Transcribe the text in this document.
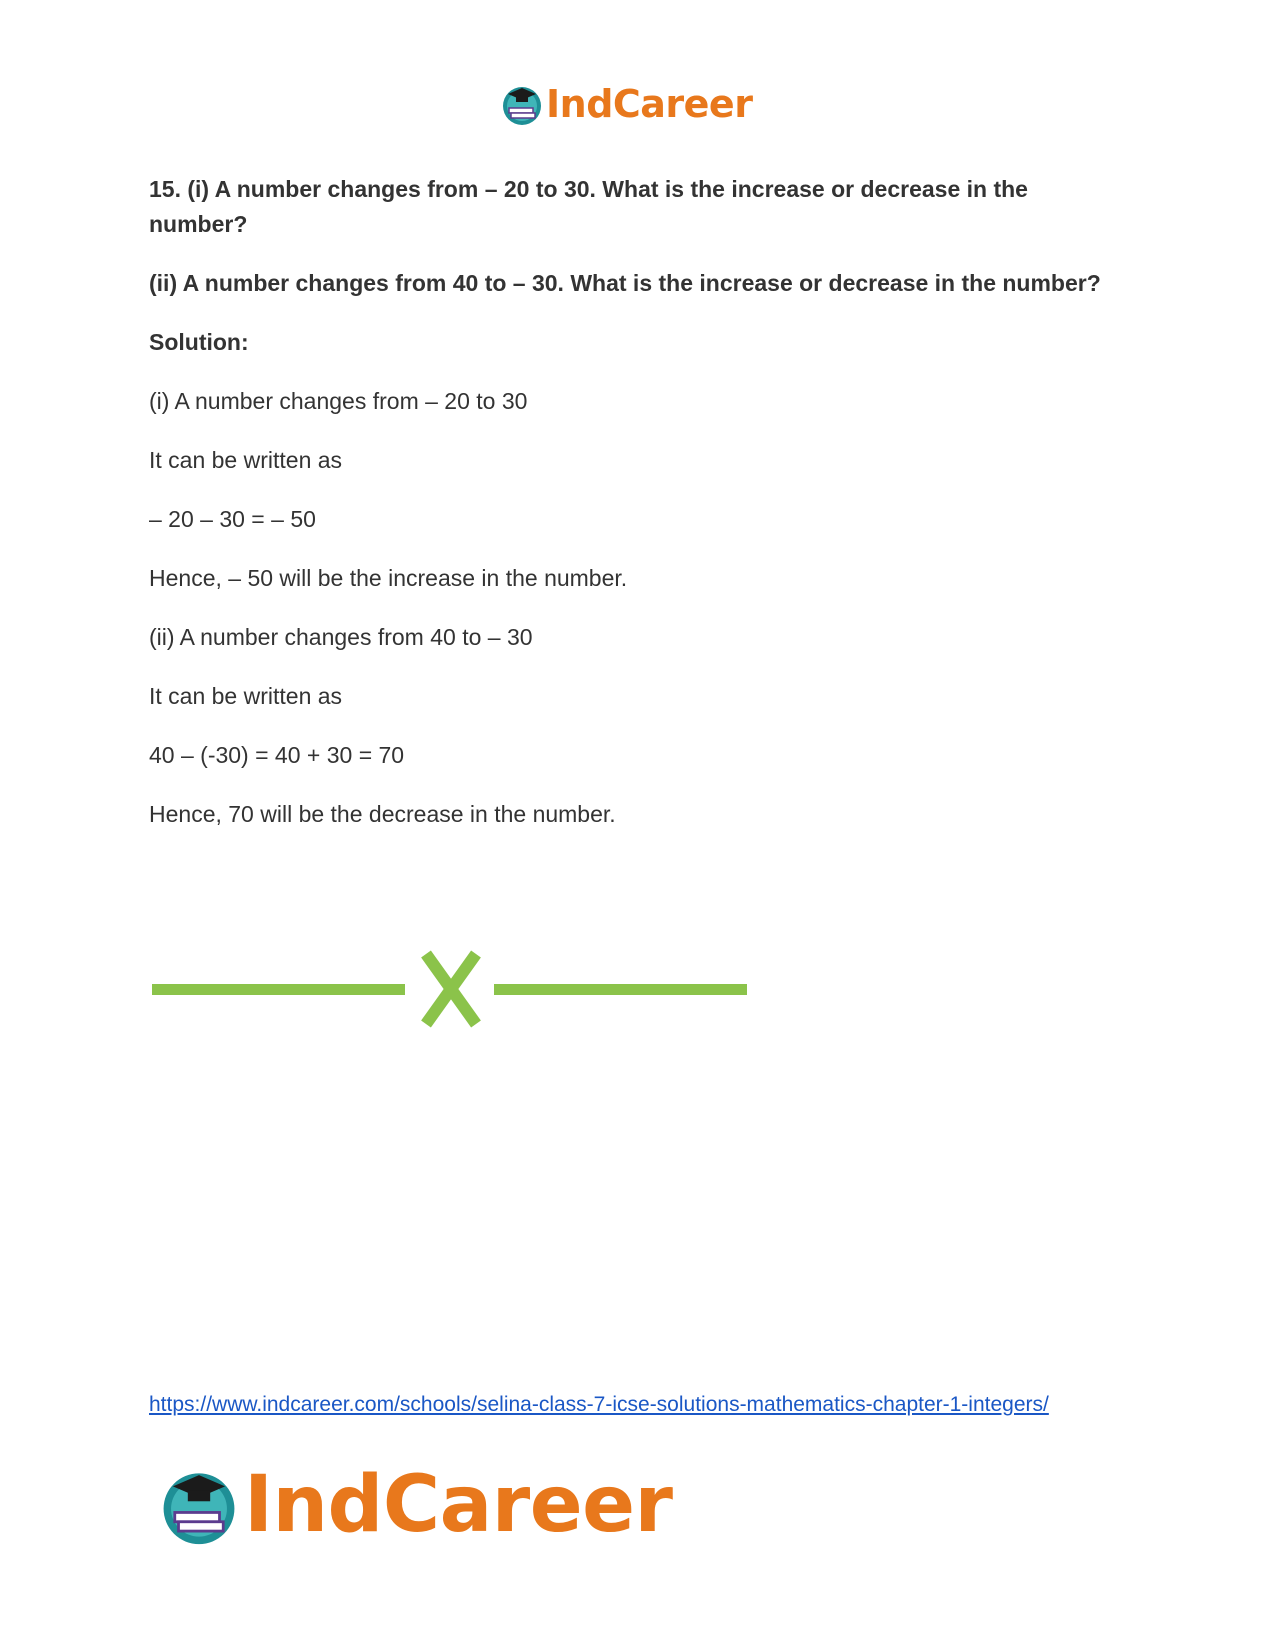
IndCareer

15. (i) A number changes from – 20 to 30. What is the increase or decrease in the number?

(ii) A number changes from 40 to – 30. What is the increase or decrease in the number?

Solution:

(i) A number changes from – 20 to 30

It can be written as

– 20 – 30 = – 50

Hence, – 50 will be the increase in the number.

(ii) A number changes from 40 to – 30

It can be written as

40 – (-30) = 40 + 30 = 70

Hence, 70 will be the decrease in the number.

https://www.indcareer.com/schools/selina-class-7-icse-solutions-mathematics-chapter-1-integers/
IndCareer
